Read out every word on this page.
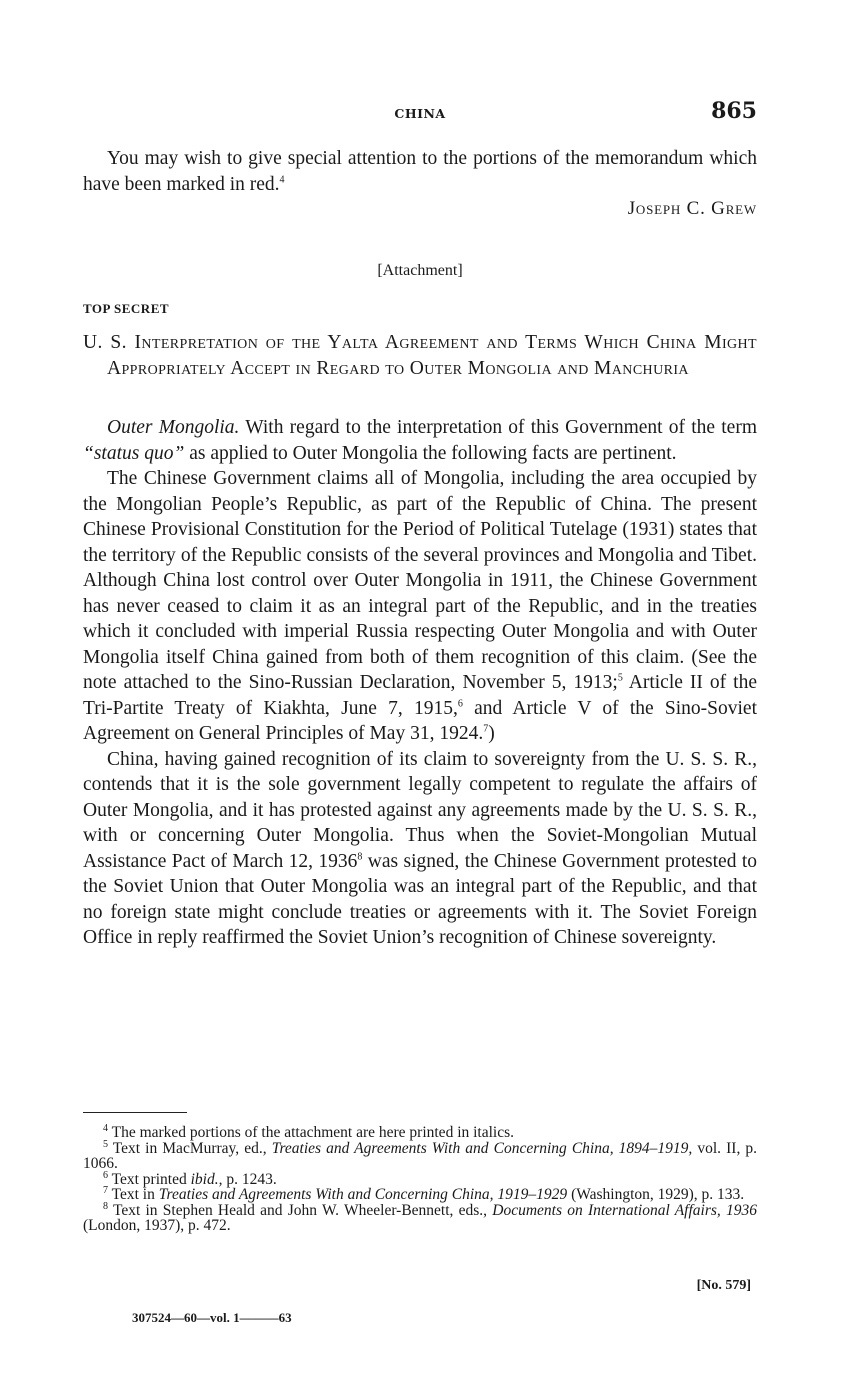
CHINA	865

You may wish to give special attention to the portions of the memorandum which have been marked in red.$^4$

Joseph C. Grew
[Attachment]
TOP SECRET
U. S. Interpretation of the Yalta Agreement and Terms Which China Might Appropriately Accept in Regard to Outer Mongolia and Manchuria

Outer Mongolia. With regard to the interpretation of this Government of the term “status quo” as applied to Outer Mongolia the following facts are pertinent.

The Chinese Government claims all of Mongolia, including the area occupied by the Mongolian People’s Republic, as part of the Republic of China. The present Chinese Provisional Constitution for the Period of Political Tutelage (1931) states that the territory of the Republic consists of the several provinces and Mongolia and Tibet. Although China lost control over Outer Mongolia in 1911, the Chinese Government has never ceased to claim it as an integral part of the Republic, and in the treaties which it concluded with imperial Russia respecting Outer Mongolia and with Outer Mongolia itself China gained from both of them recognition of this claim. (See the note attached to the Sino-Russian Declaration, November 5, 1913;$^5$ Article II of the Tri-Partite Treaty of Kiakhta, June 7, 1915,$^6$ and Article V of the Sino-Soviet Agreement on General Principles of May 31, 1924.$^7$)

China, having gained recognition of its claim to sovereignty from the U. S. S. R., contends that it is the sole government legally competent to regulate the affairs of Outer Mongolia, and it has protested against any agreements made by the U. S. S. R., with or concerning Outer Mongolia. Thus when the Soviet-Mongolian Mutual Assistance Pact of March 12, 1936$^8$ was signed, the Chinese Government protested to the Soviet Union that Outer Mongolia was an integral part of the Republic, and that no foreign state might conclude treaties or agreements with it. The Soviet Foreign Office in reply reaffirmed the Soviet Union’s recognition of Chinese sovereignty.

$^4$ The marked portions of the attachment are here printed in italics.

$^5$ Text in MacMurray, ed., Treaties and Agreements With and Concerning China, 1894–1919, vol. II, p. 1066.

$^6$ Text printed ibid., p. 1243.

$^7$ Text in Treaties and Agreements With and Concerning China, 1919–1929 (Washington, 1929), p. 133.

$^8$ Text in Stephen Heald and John W. Wheeler-Bennett, eds., Documents on International Affairs, 1936 (London, 1937), p. 472.

[No. 579]
307524—60—vol. 1———63
